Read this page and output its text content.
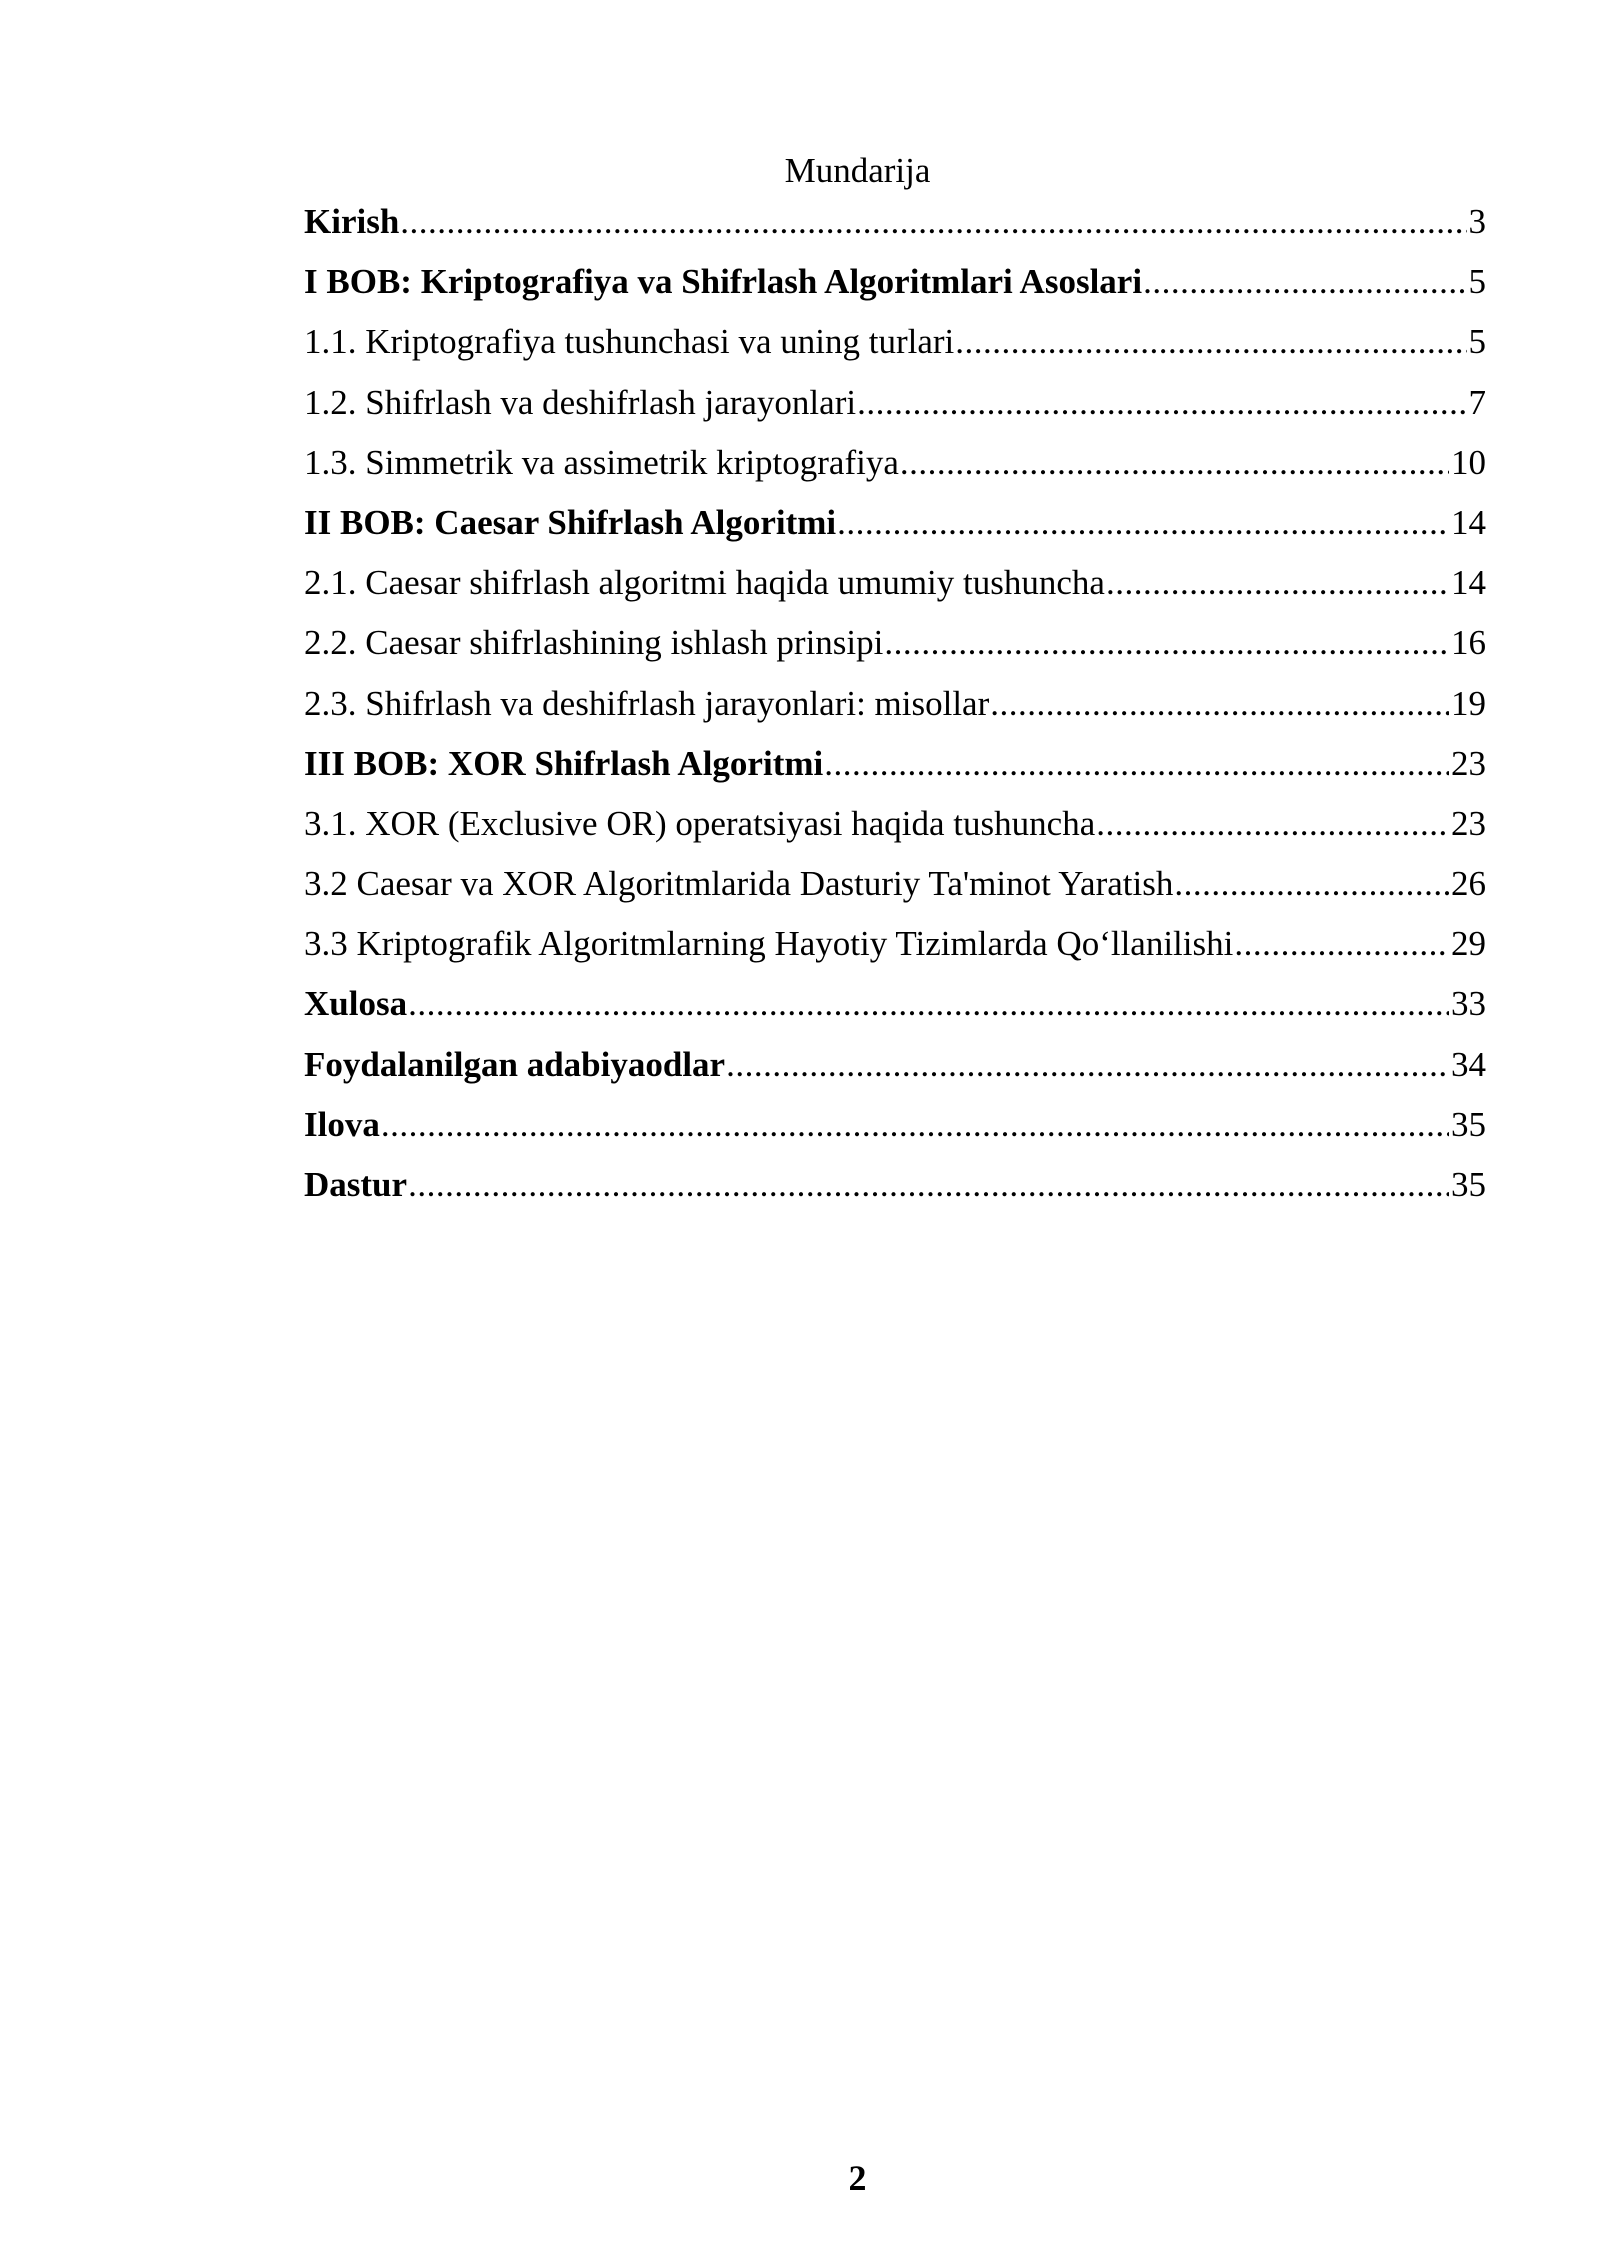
Mundarija
Kirish .....	3
I BOB: Kriptografiya va Shifrlash Algoritmlari Asoslari .....	5
1.1. Kriptografiya tushunchasi va uning turlari .....	5
1.2. Shifrlash va deshifrlash jarayonlari .....	7
1.3. Simmetrik va assimetrik kriptografiya .....	10
II BOB: Caesar Shifrlash Algoritmi .....	14
2.1. Caesar shifrlash algoritmi haqida umumiy tushuncha .....	14
2.2. Caesar shifrlashining ishlash prinsipi .....	16
2.3. Shifrlash va deshifrlash jarayonlari: misollar .....	19
III BOB: XOR Shifrlash Algoritmi .....	23
3.1. XOR (Exclusive OR) operatsiyasi haqida tushuncha .....	23
3.2 Caesar va XOR Algoritmlarida Dasturiy Ta'minot Yaratish .....	26
3.3 Kriptografik Algoritmlarning Hayotiy Tizimlarda Qo‘llanilishi .....	29
Xulosa .....	33
Foydalanilgan adabiyaodlar .....	34
Ilova .....	35
Dastur .....	35
2
